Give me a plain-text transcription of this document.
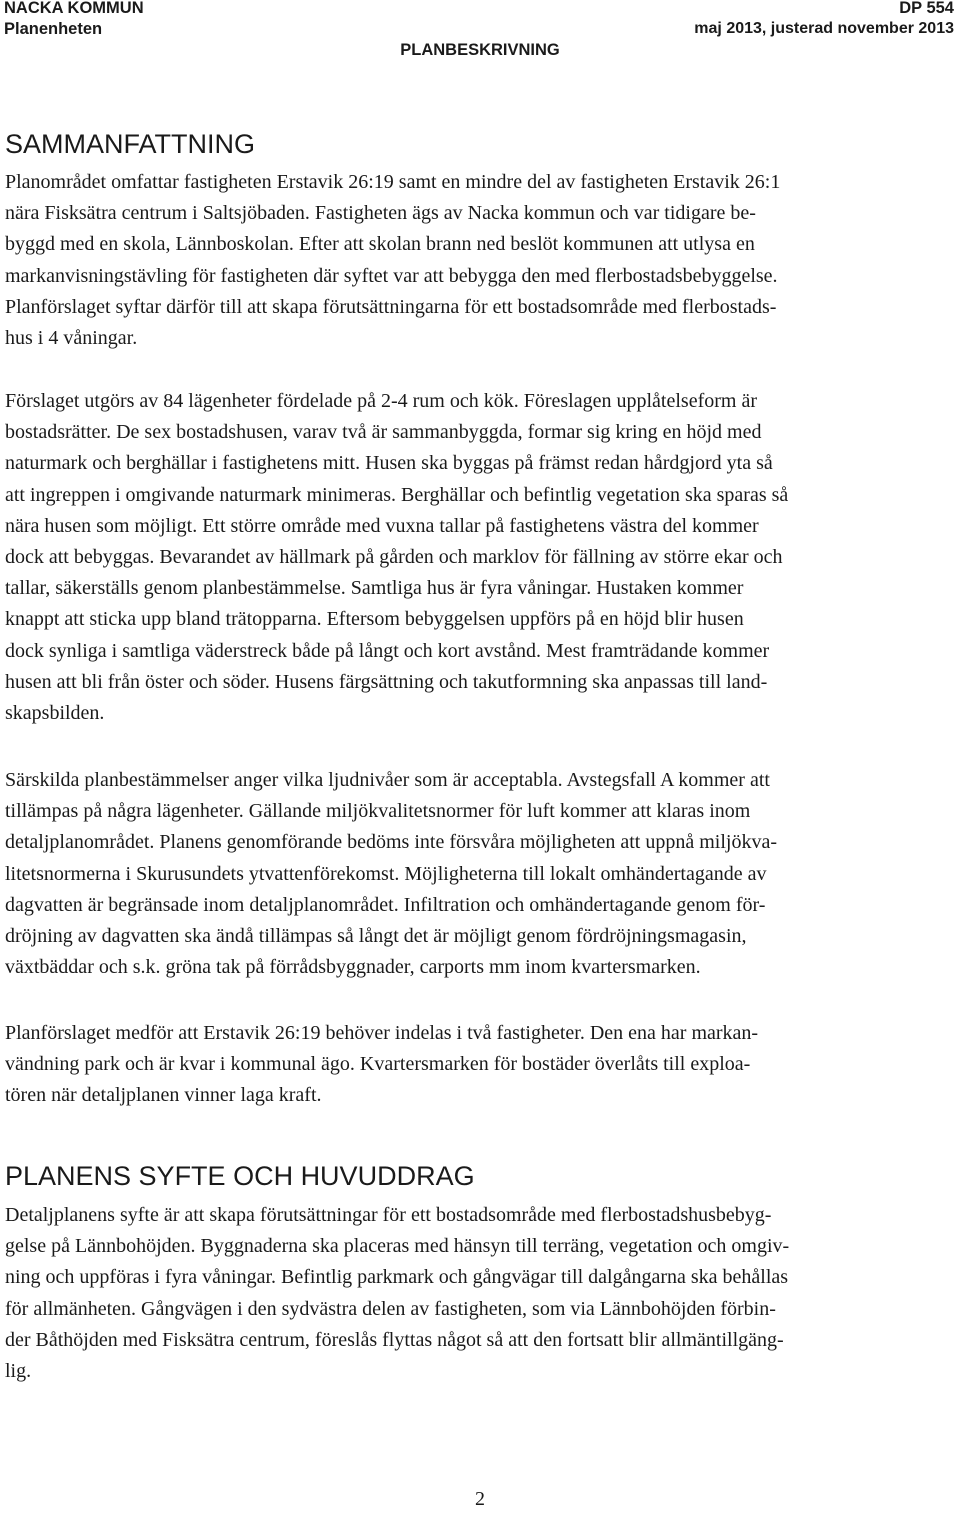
NACKA KOMMUN
Planenheten
PLANBESKRIVNING
DP 554
maj 2013, justerad november 2013
SAMMANFATTNING

Planområdet omfattar fastigheten Erstavik 26:19 samt en mindre del av fastigheten Erstavik 26:1
nära Fisksätra centrum i Saltsjöbaden. Fastigheten ägs av Nacka kommun och var tidigare be-
byggd med en skola, Lännboskolan. Efter att skolan brann ned beslöt kommunen att utlysa en
markanvisningstävling för fastigheten där syftet var att bebygga den med flerbostadsbebyggelse.
Planförslaget syftar därför till att skapa förutsättningarna för ett bostadsområde med flerbostads-
hus i 4 våningar.

Förslaget utgörs av 84 lägenheter fördelade på 2-4 rum och kök. Föreslagen upplåtelseform är
bostadsrätter. De sex bostadshusen, varav två är sammanbyggda, formar sig kring en höjd med
naturmark och berghällar i fastighetens mitt. Husen ska byggas på främst redan hårdgjord yta så
att ingreppen i omgivande naturmark minimeras. Berghällar och befintlig vegetation ska sparas så
nära husen som möjligt. Ett större område med vuxna tallar på fastighetens västra del kommer
dock att bebyggas. Bevarandet av hällmark på gården och marklov för fällning av större ekar och
tallar, säkerställs genom planbestämmelse. Samtliga hus är fyra våningar. Hustaken kommer
knappt att sticka upp bland trätopparna. Eftersom bebyggelsen uppförs på en höjd blir husen
dock synliga i samtliga väderstreck både på långt och kort avstånd. Mest framträdande kommer
husen att bli från öster och söder. Husens färgsättning och takutformning ska anpassas till land-
skapsbilden.

Särskilda planbestämmelser anger vilka ljudnivåer som är acceptabla. Avstegsfall A kommer att
tillämpas på några lägenheter. Gällande miljökvalitetsnormer för luft kommer att klaras inom
detaljplanområdet. Planens genomförande bedöms inte försvåra möjligheten att uppnå miljökva-
litetsnormerna i Skurusundets ytvattenförekomst. Möjligheterna till lokalt omhändertagande av
dagvatten är begränsade inom detaljplanområdet. Infiltration och omhändertagande genom för-
dröjning av dagvatten ska ändå tillämpas så långt det är möjligt genom fördröjningsmagasin,
växtbäddar och s.k. gröna tak på förrådsbyggnader, carports mm inom kvartersmarken.

Planförslaget medför att Erstavik 26:19 behöver indelas i två fastigheter. Den ena har markan-
vändning park och är kvar i kommunal ägo. Kvartersmarken för bostäder överlåts till exploa-
tören när detaljplanen vinner laga kraft.

PLANENS SYFTE OCH HUVUDDRAG

Detaljplanens syfte är att skapa förutsättningar för ett bostadsområde med flerbostadshusbebyg-
gelse på Lännbohöjden. Byggnaderna ska placeras med hänsyn till terräng, vegetation och omgiv-
ning och uppföras i fyra våningar. Befintlig parkmark och gångvägar till dalgångarna ska behållas
för allmänheten. Gångvägen i den sydvästra delen av fastigheten, som via Lännbohöjden förbin-
der Båthöjden med Fisksätra centrum, föreslås flyttas något så att den fortsatt blir allmäntillgäng-
lig.

2
